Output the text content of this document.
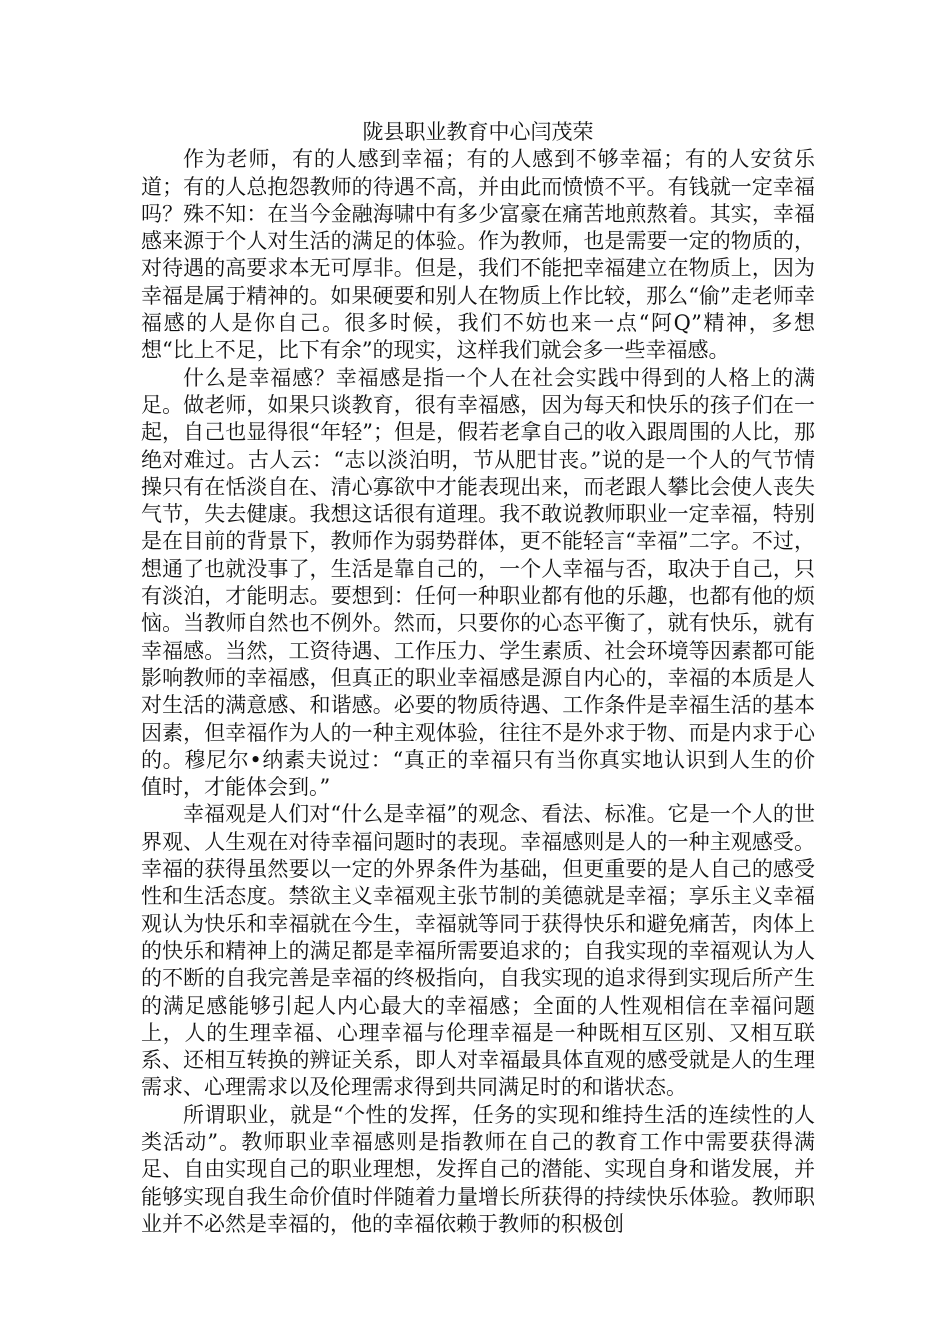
陇县职业教育中心闫茂荣

作为老师，有的人感到幸福；有的人感到不够幸福；有的人安贫乐道；有的人总抱怨教师的待遇不高，并由此而愤愤不平。有钱就一定幸福吗？殊不知：在当今金融海啸中有多少富豪在痛苦地煎熬着。其实，幸福感来源于个人对生活的满足的体验。作为教师，也是需要一定的物质的，对待遇的高要求本无可厚非。但是，我们不能把幸福建立在物质上，因为幸福是属于精神的。如果硬要和别人在物质上作比较，那么“偷”走老师幸福感的人是你自己。很多时候，我们不妨也来一点“阿Q”精神，多想想“比上不足，比下有余”的现实，这样我们就会多一些幸福感。

什么是幸福感？幸福感是指一个人在社会实践中得到的人格上的满足。做老师，如果只谈教育，很有幸福感，因为每天和快乐的孩子们在一起，自己也显得很“年轻”；但是，假若老拿自己的收入跟周围的人比，那绝对难过。古人云：“志以淡泊明，节从肥甘丧。”说的是一个人的气节情操只有在恬淡自在、清心寡欲中才能表现出来，而老跟人攀比会使人丧失气节，失去健康。我想这话很有道理。我不敢说教师职业一定幸福，特别是在目前的背景下，教师作为弱势群体，更不能轻言“幸福”二字。不过，想通了也就没事了，生活是靠自己的，一个人幸福与否，取决于自己，只有淡泊，才能明志。要想到：任何一种职业都有他的乐趣，也都有他的烦恼。当教师自然也不例外。然而，只要你的心态平衡了，就有快乐，就有幸福感。当然，工资待遇、工作压力、学生素质、社会环境等因素都可能影响教师的幸福感，但真正的职业幸福感是源自内心的，幸福的本质是人对生活的满意感、和谐感。必要的物质待遇、工作条件是幸福生活的基本因素，但幸福作为人的一种主观体验，往往不是外求于物、而是内求于心的。穆尼尔•纳素夫说过：“真正的幸福只有当你真实地认识到人生的价值时，才能体会到。”

幸福观是人们对“什么是幸福”的观念、看法、标准。它是一个人的世界观、人生观在对待幸福问题时的表现。幸福感则是人的一种主观感受。幸福的获得虽然要以一定的外界条件为基础，但更重要的是人自己的感受性和生活态度。禁欲主义幸福观主张节制的美德就是幸福；享乐主义幸福观认为快乐和幸福就在今生，幸福就等同于获得快乐和避免痛苦，肉体上的快乐和精神上的满足都是幸福所需要追求的；自我实现的幸福观认为人的不断的自我完善是幸福的终极指向，自我实现的追求得到实现后所产生的满足感能够引起人内心最大的幸福感；全面的人性观相信在幸福问题上，人的生理幸福、心理幸福与伦理幸福是一种既相互区别、又相互联系、还相互转换的辨证关系，即人对幸福最具体直观的感受就是人的生理需求、心理需求以及伦理需求得到共同满足时的和谐状态。

所谓职业，就是“个性的发挥，任务的实现和维持生活的连续性的人类活动”。教师职业幸福感则是指教师在自己的教育工作中需要获得满足、自由实现自己的职业理想，发挥自己的潜能、实现自身和谐发展，并能够实现自我生命价值时伴随着力量增长所获得的持续快乐体验。教师职业并不必然是幸福的，他的幸福依赖于教师的积极创
